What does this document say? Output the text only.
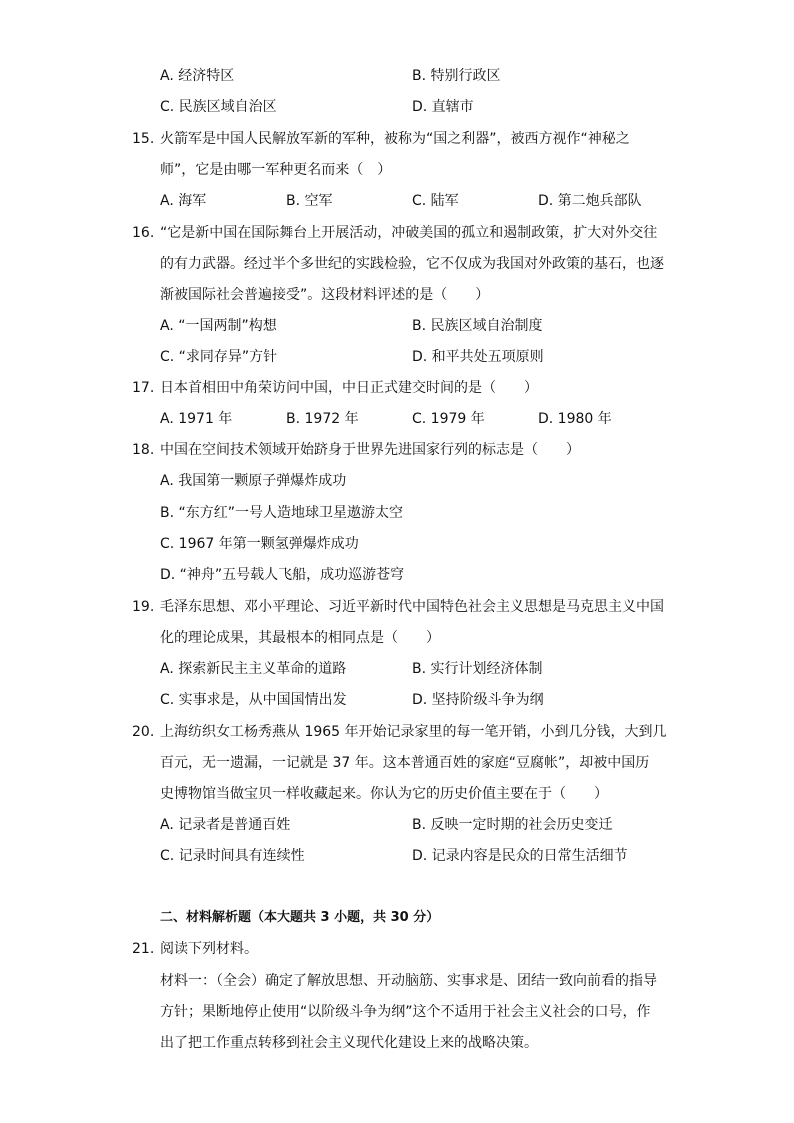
A. 经济特区	B. 特别行政区
C. 民族区域自治区	D. 直辖市
15. 火箭军是中国人民解放军新的军种，被称为“国之利器”，被西方视作“神秘之
师”，它是由哪一军种更名而来（　）
A. 海军	B. 空军	C. 陆军	D. 第二炮兵部队
16. “它是新中国在国际舞台上开展活动，冲破美国的孤立和遏制政策，扩大对外交往
的有力武器。经过半个多世纪的实践检验，它不仅成为我国对外政策的基石，也逐
渐被国际社会普遍接受”。这段材料评述的是（　　）
A. “一国两制”构想	B. 民族区域自治制度
C. “求同存异”方针	D. 和平共处五项原则
17. 日本首相田中角荣访问中国，中日正式建交时间的是（　　）
A. 1971 年	B. 1972 年	C. 1979 年	D. 1980 年
18. 中国在空间技术领域开始跻身于世界先进国家行列的标志是（　　）
A. 我国第一颗原子弹爆炸成功
B. “东方红”一号人造地球卫星遨游太空
C. 1967 年第一颗氢弹爆炸成功
D. “神舟”五号载人飞船，成功巡游苍穹
19. 毛泽东思想、邓小平理论、习近平新时代中国特色社会主义思想是马克思主义中国
化的理论成果，其最根本的相同点是（　　）
A. 探索新民主主义革命的道路	B. 实行计划经济体制
C. 实事求是，从中国国情出发	D. 坚持阶级斗争为纲
20. 上海纺织女工杨秀燕从 1965 年开始记录家里的每一笔开销，小到几分钱，大到几
百元，无一遗漏，一记就是 37 年。这本普通百姓的家庭“豆腐帐”，却被中国历
史博物馆当做宝贝一样收藏起来。你认为它的历史价值主要在于（　　）
A. 记录者是普通百姓	B. 反映一定时期的社会历史变迁
C. 记录时间具有连续性	D. 记录内容是民众的日常生活细节
二、材料解析题（本大题共 3 小题，共 30 分）
21. 阅读下列材料。
材料一：（全会）确定了解放思想、开动脑筋、实事求是、团结一致向前看的指导
方针；果断地停止使用“以阶级斗争为纲”这个不适用于社会主义社会的口号，作
出了把工作重点转移到社会主义现代化建设上来的战略决策。
